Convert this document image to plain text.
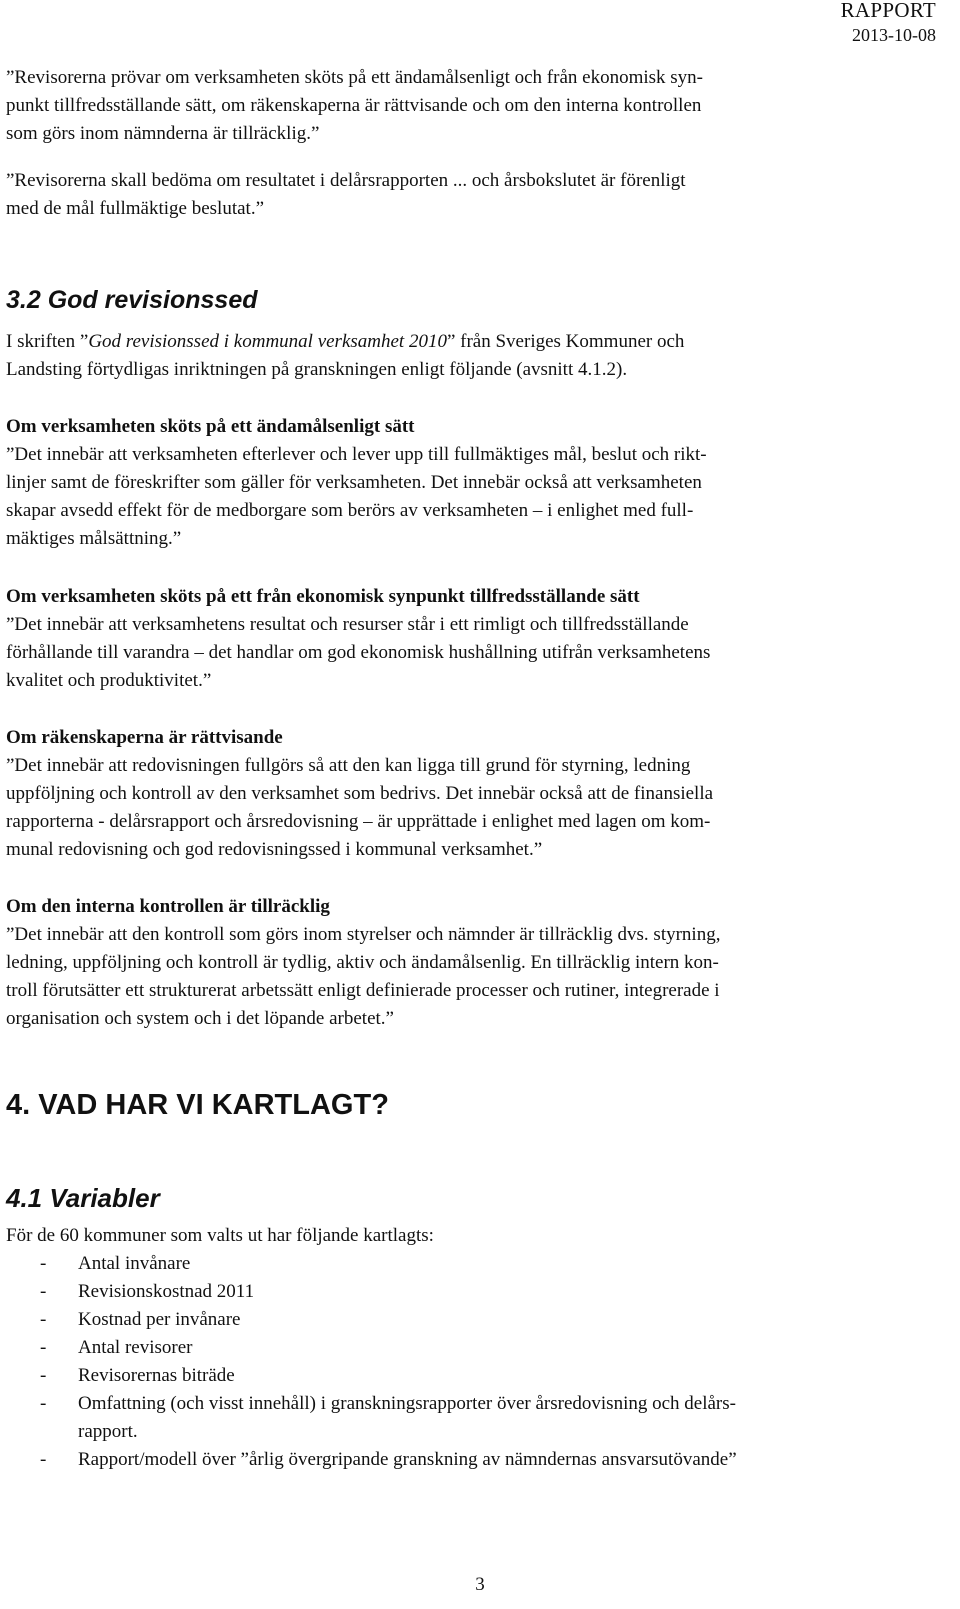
RAPPORT
2013-10-08

”Revisorerna prövar om verksamheten sköts på ett ändamålsenligt och från ekonomisk syn-
punkt tillfredsställande sätt, om räkenskaperna är rättvisande och om den interna kontrollen
som görs inom nämnderna är tillräcklig.”

”Revisorerna skall bedöma om resultatet i delårsrapporten ... och årsbokslutet är förenligt
med de mål fullmäktige beslutat.”

3.2 God revisionssed

I skriften ”God revisionssed i kommunal verksamhet 2010” från Sveriges Kommuner och
Landsting förtydligas inriktningen på granskningen enligt följande (avsnitt 4.1.2).

Om verksamheten sköts på ett ändamålsenligt sätt

”Det innebär att verksamheten efterlever och lever upp till fullmäktiges mål, beslut och rikt-
linjer samt de föreskrifter som gäller för verksamheten. Det innebär också att verksamheten
skapar avsedd effekt för de medborgare som berörs av verksamheten – i enlighet med full-
mäktiges målsättning.”

Om verksamheten sköts på ett från ekonomisk synpunkt tillfredsställande sätt

”Det innebär att verksamhetens resultat och resurser står i ett rimligt och tillfredsställande
förhållande till varandra – det handlar om god ekonomisk hushållning utifrån verksamhetens
kvalitet och produktivitet.”

Om räkenskaperna är rättvisande

”Det innebär att redovisningen fullgörs så att den kan ligga till grund för styrning, ledning
uppföljning och kontroll av den verksamhet som bedrivs. Det innebär också att de finansiella
rapporterna - delårsrapport och årsredovisning – är upprättade i enlighet med lagen om kom-
munal redovisning och god redovisningssed i kommunal verksamhet.”

Om den interna kontrollen är tillräcklig

”Det innebär att den kontroll som görs inom styrelser och nämnder är tillräcklig dvs. styrning,
ledning, uppföljning och kontroll är tydlig, aktiv och ändamålsenlig. En tillräcklig intern kon-
troll förutsätter ett strukturerat arbetssätt enligt definierade processer och rutiner, integrerade i
organisation och system och i det löpande arbetet.”

4. VAD HAR VI KARTLAGT?
4.1 Variabler

För de 60 kommuner som valts ut har följande kartlagts:

- Antal invånare
- Revisionskostnad 2011
- Kostnad per invånare
- Antal revisorer
- Revisorernas biträde
- Omfattning (och visst innehåll) i granskningsrapporter över årsredovisning och delårs-
rapport.
- Rapport/modell över ”årlig övergripande granskning av nämndernas ansvarsutövande”
3
